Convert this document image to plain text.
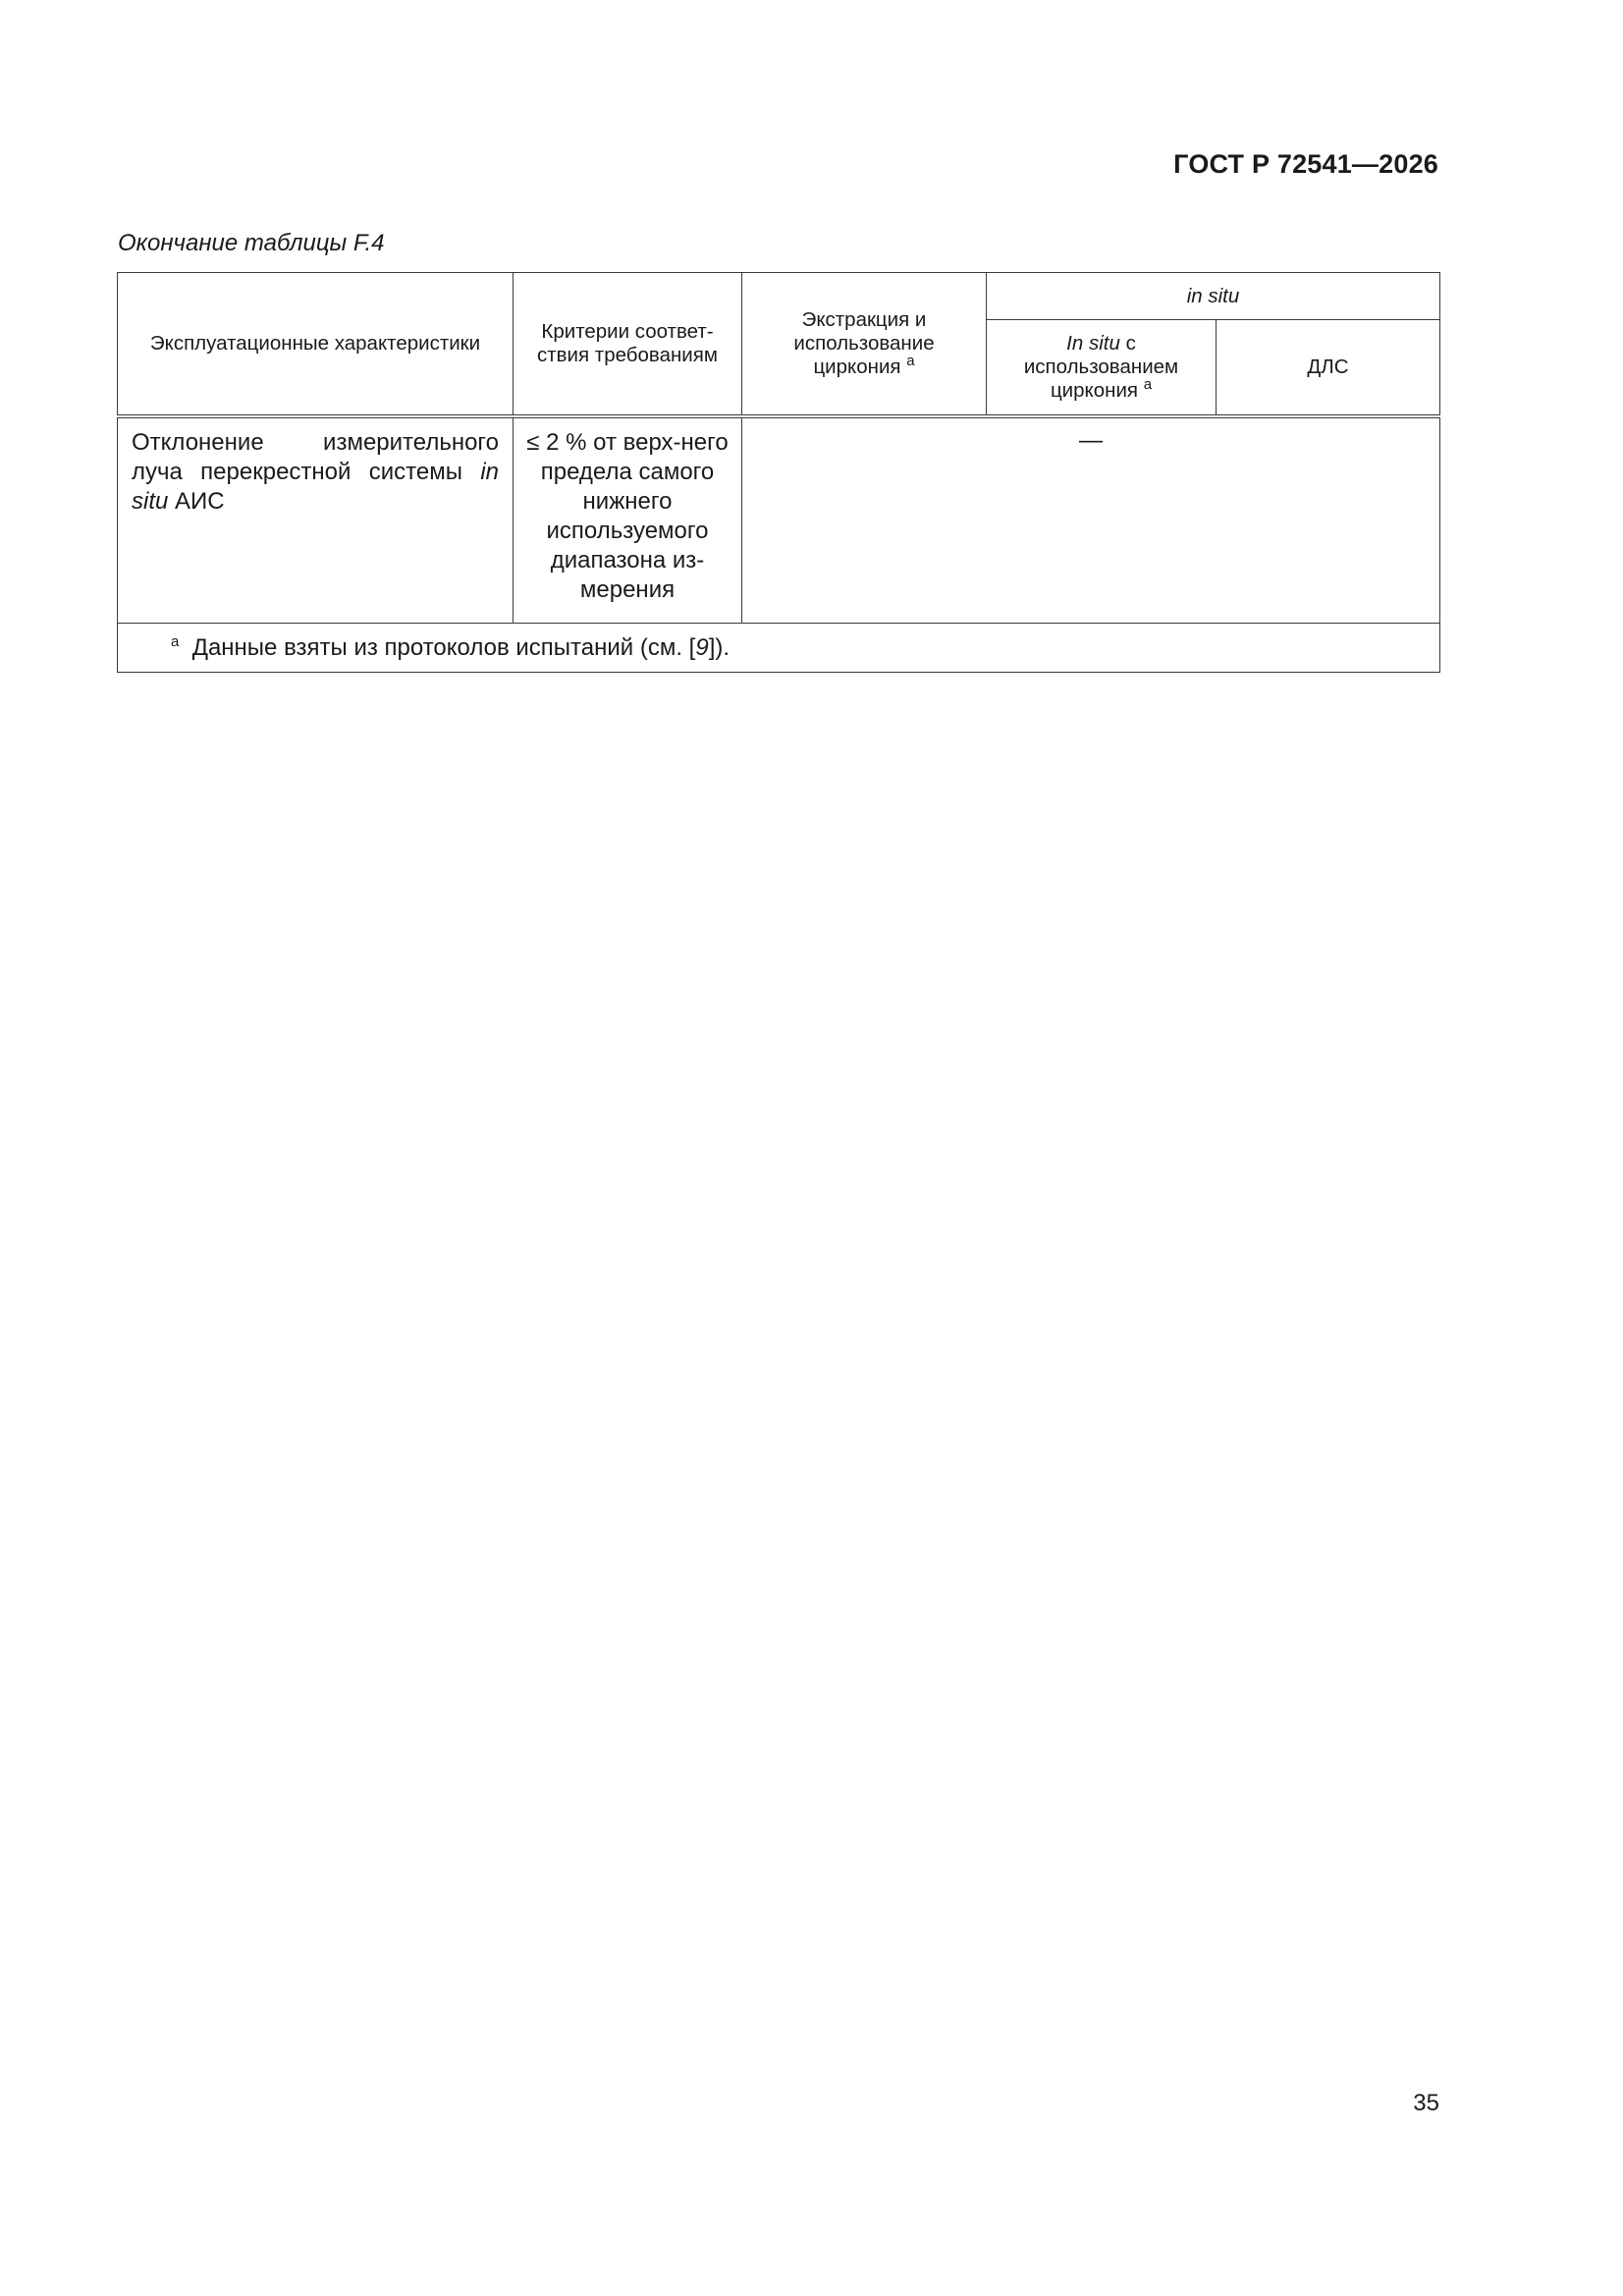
ГОСТ Р 72541—2026
Окончание таблицы F.4
Эксплуатационные характеристики	Критерии соответ-ствия требованиям	Экстракция и использование циркония $^а$	in situ	
			In situ с использованием циркония $^а$	ДЛС
Отклонение измерительного луча перекрестной системы in situ АИС	≤ 2 % от верх-него предела самого нижнего используемого диапазона из-мерения	—		
$^а$ Данные взяты из протоколов испытаний (см. [9]).				
35
